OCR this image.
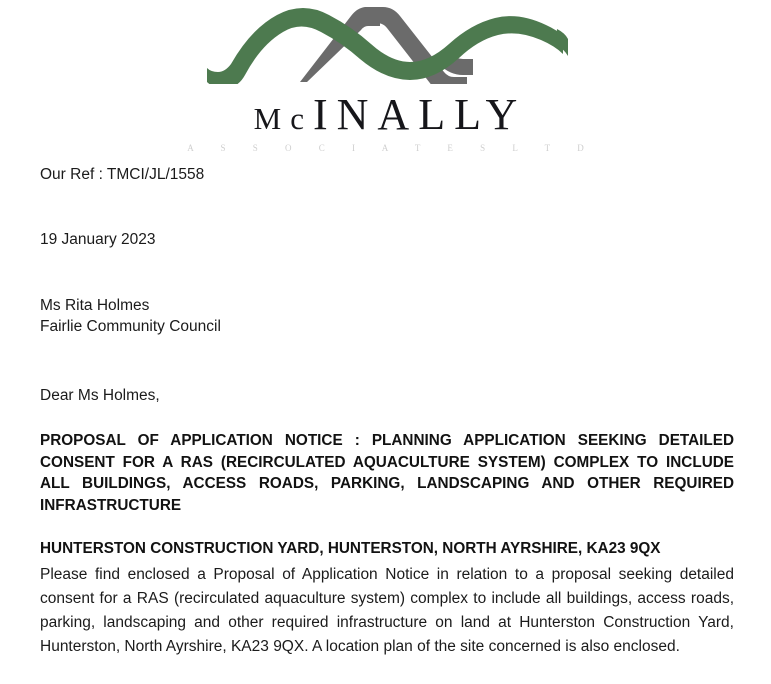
McINALLY
A S S O C I A T E S L T D
Our Ref : TMCI/JL/1558
19 January 2023
Ms Rita Holmes
Fairlie Community Council
Dear Ms Holmes,
PROPOSAL OF APPLICATION NOTICE : PLANNING APPLICATION SEEKING DETAILED CONSENT FOR A RAS (RECIRCULATED AQUACULTURE SYSTEM) COMPLEX TO INCLUDE ALL BUILDINGS, ACCESS ROADS, PARKING, LANDSCAPING AND OTHER REQUIRED INFRASTRUCTURE
HUNTERSTON CONSTRUCTION YARD, HUNTERSTON, NORTH AYRSHIRE, KA23 9QX
Please find enclosed a Proposal of Application Notice in relation to a proposal seeking detailed consent for a RAS (recirculated aquaculture system) complex to include all buildings, access roads, parking, landscaping and other required infrastructure on land at Hunterston Construction Yard, Hunterston, North Ayrshire, KA23 9QX. A location plan of the site concerned is also enclosed.
